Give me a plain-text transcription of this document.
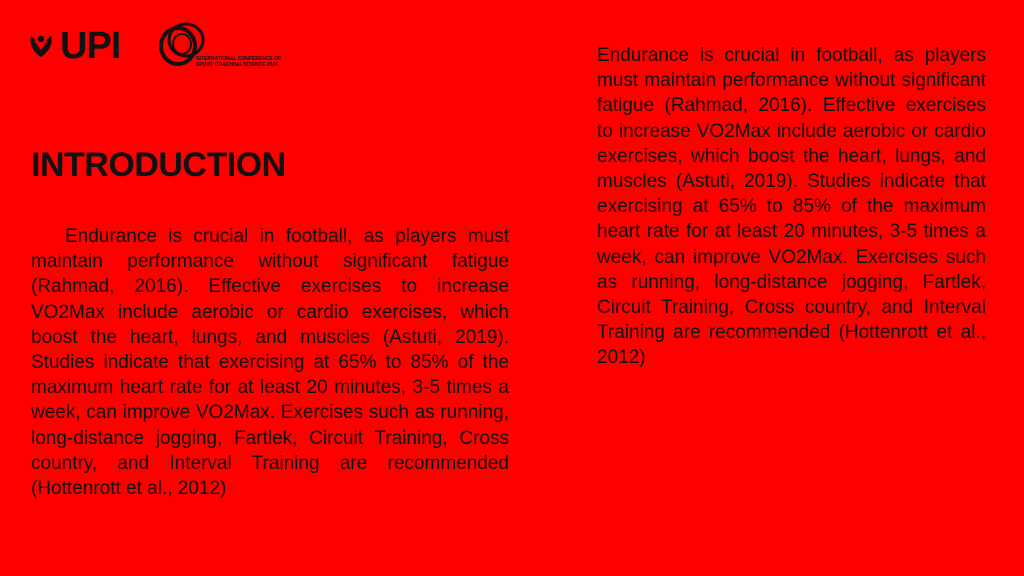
UPI	INTERNATIONAL CONFERENCE OF SPORT COACHING SCIENCE 2024
INTRODUCTION

Endurance is crucial in football, as players must maintain performance without significant fatigue (Rahmad, 2016). Effective exercises to increase VO2Max include aerobic or cardio exercises, which boost the heart, lungs, and muscles (Astuti, 2019). Studies indicate that exercising at 65% to 85% of the maximum heart rate for at least 20 minutes, 3-5 times a week, can improve VO2Max. Exercises such as running, long-distance jogging, Fartlek, Circuit Training, Cross country, and Interval Training are recommended (Hottenrott et al., 2012)

Endurance is crucial in football, as players must maintain performance without significant fatigue (Rahmad, 2016). Effective exercises to increase VO2Max include aerobic or cardio exercises, which boost the heart, lungs, and muscles (Astuti, 2019). Studies indicate that exercising at 65% to 85% of the maximum heart rate for at least 20 minutes, 3-5 times a week, can improve VO2Max. Exercises such as running, long-distance jogging, Fartlek, Circuit Training, Cross country, and Interval Training are recommended (Hottenrott et al., 2012)
